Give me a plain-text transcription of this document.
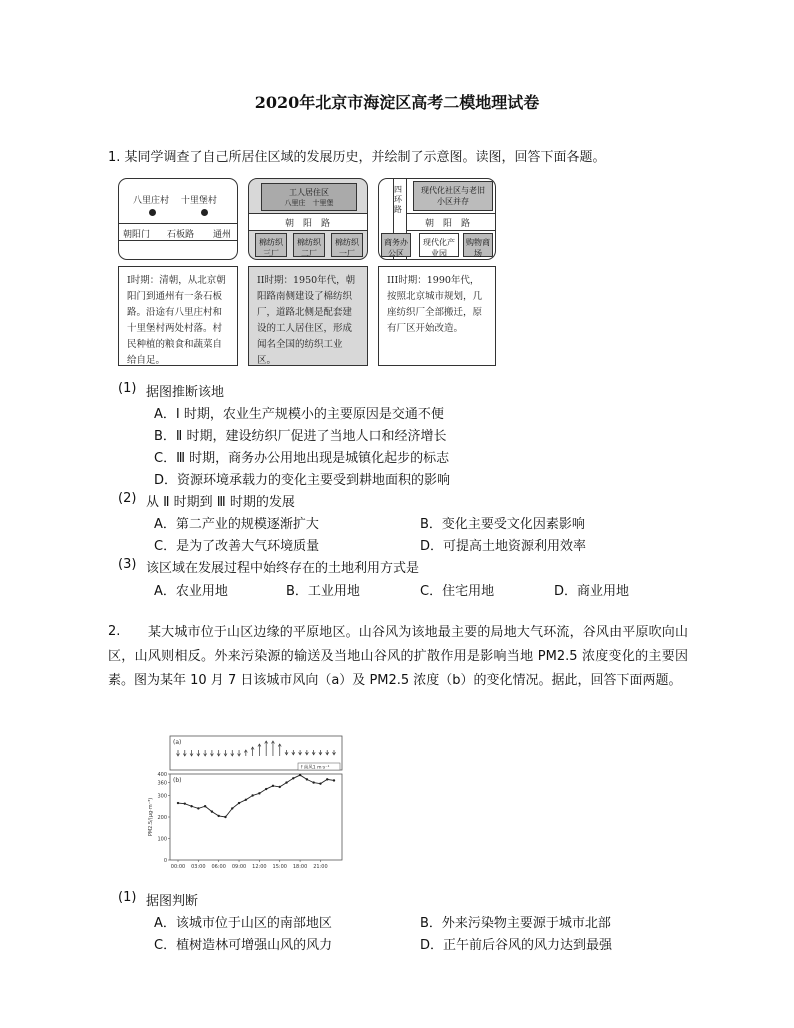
2020年北京市海淀区高考二模地理试卷
1. 某同学调查了自己所居住区域的发展历史，并绘制了示意图。读图，回答下面各题。
八里庄村　 十里堡村
朝阳门 石板路 通州
工人居住区
八里庄　 十里堡
朝　阳　路
棉纺织三厂
棉纺织二厂
棉纺织一厂
四环路
现代化社区与老旧小区并存
朝　阳　路
商务办公区
现代化产业园
购物商场
I时期：清朝，从北京朝阳门到通州有一条石板路。沿途有八里庄村和十里堡村两处村落。村民种植的粮食和蔬菜自给自足。
II时期：1950年代，朝阳路南侧建设了棉纺织厂，道路北侧是配套建设的工人居住区，形成闻名全国的纺织工业区。
III时期：1990年代，按照北京城市规划，几座纺织厂全部搬迁，原有厂区开始改造。
(1) 据图推断该地
A．I 时期，农业生产规模小的主要原因是交通不便
B．Ⅱ 时期，建设纺织厂促进了当地人口和经济增长
C．Ⅲ 时期，商务办公用地出现是城镇化起步的标志
D．资源环境承载力的变化主要受到耕地面积的影响
(2) 从 Ⅱ 时期到 Ⅲ 时期的发展
A．第二产业的规模逐渐扩大	B．变化主要受文化因素影响
C．是为了改善大气环境质量	D．可提高土地资源利用效率
(3) 该区域在发展过程中始终存在的土地利用方式是
A．农业用地	B．工业用地	C．住宅用地	D．商业用地
2.	某大城市位于山区边缘的平原地区。山谷风为该地最主要的局地大气环流，谷风由平原吹向山区，山风则相反。外来污染源的输送及当地山谷风的扩散作用是影响当地 PM2.5 浓度变化的主要因素。图为某年 10 月 7 日该城市风向（a）及 PM2.5 浓度（b）的变化情况。据此，回答下面两题。
(a)
↑南风1 m·s⁻¹
(b)
400
360
300
200
100
0
PM2.5/(μg·m⁻³)
00:00 03:00 06:00 09:00 12:00 15:00 18:00 21:00
(1) 据图判断
A．该城市位于山区的南部地区	B．外来污染物主要源于城市北部
C．植树造林可增强山风的风力	D．正午前后谷风的风力达到最强
